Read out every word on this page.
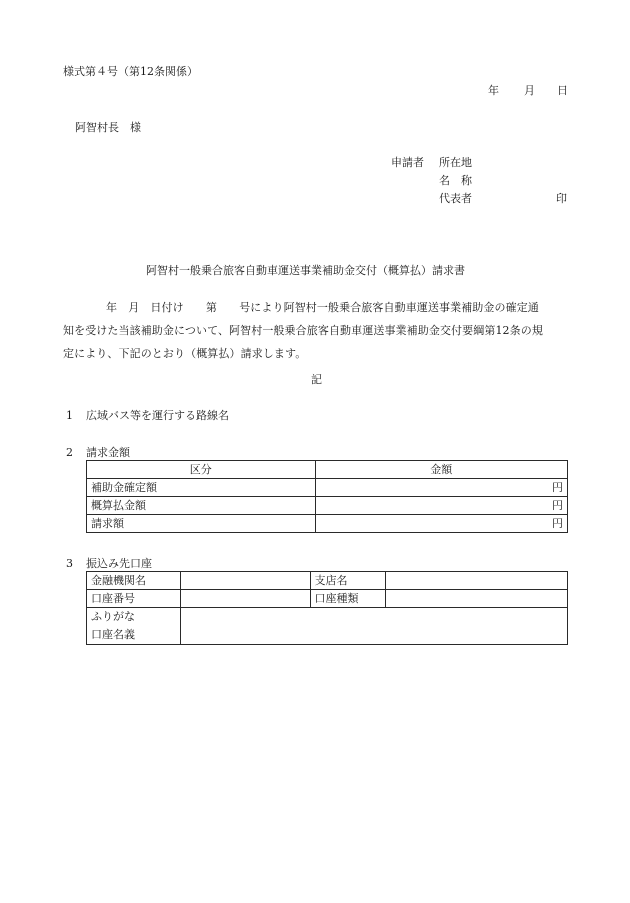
様式第４号（第12条関係）
年 月 日
阿智村長　様
申請者 所在地
名　称
代表者	印
阿智村一般乗合旅客自動車運送事業補助金交付（概算払）請求書
年　月　日付け　　第　　号により阿智村一般乗合旅客自動車運送事業補助金の確定通
知を受けた当該補助金について、阿智村一般乗合旅客自動車運送事業補助金交付要綱第12条の規
定により、下記のとおり（概算払）請求します。
記
1 広域バス等を運行する路線名
2 請求金額
区分	金額
補助金確定額	円
概算払金額	円
請求額	円
3 振込み先口座
金融機関名		支店名	
口座番号		口座種類	

ふりがな
口座名義			
